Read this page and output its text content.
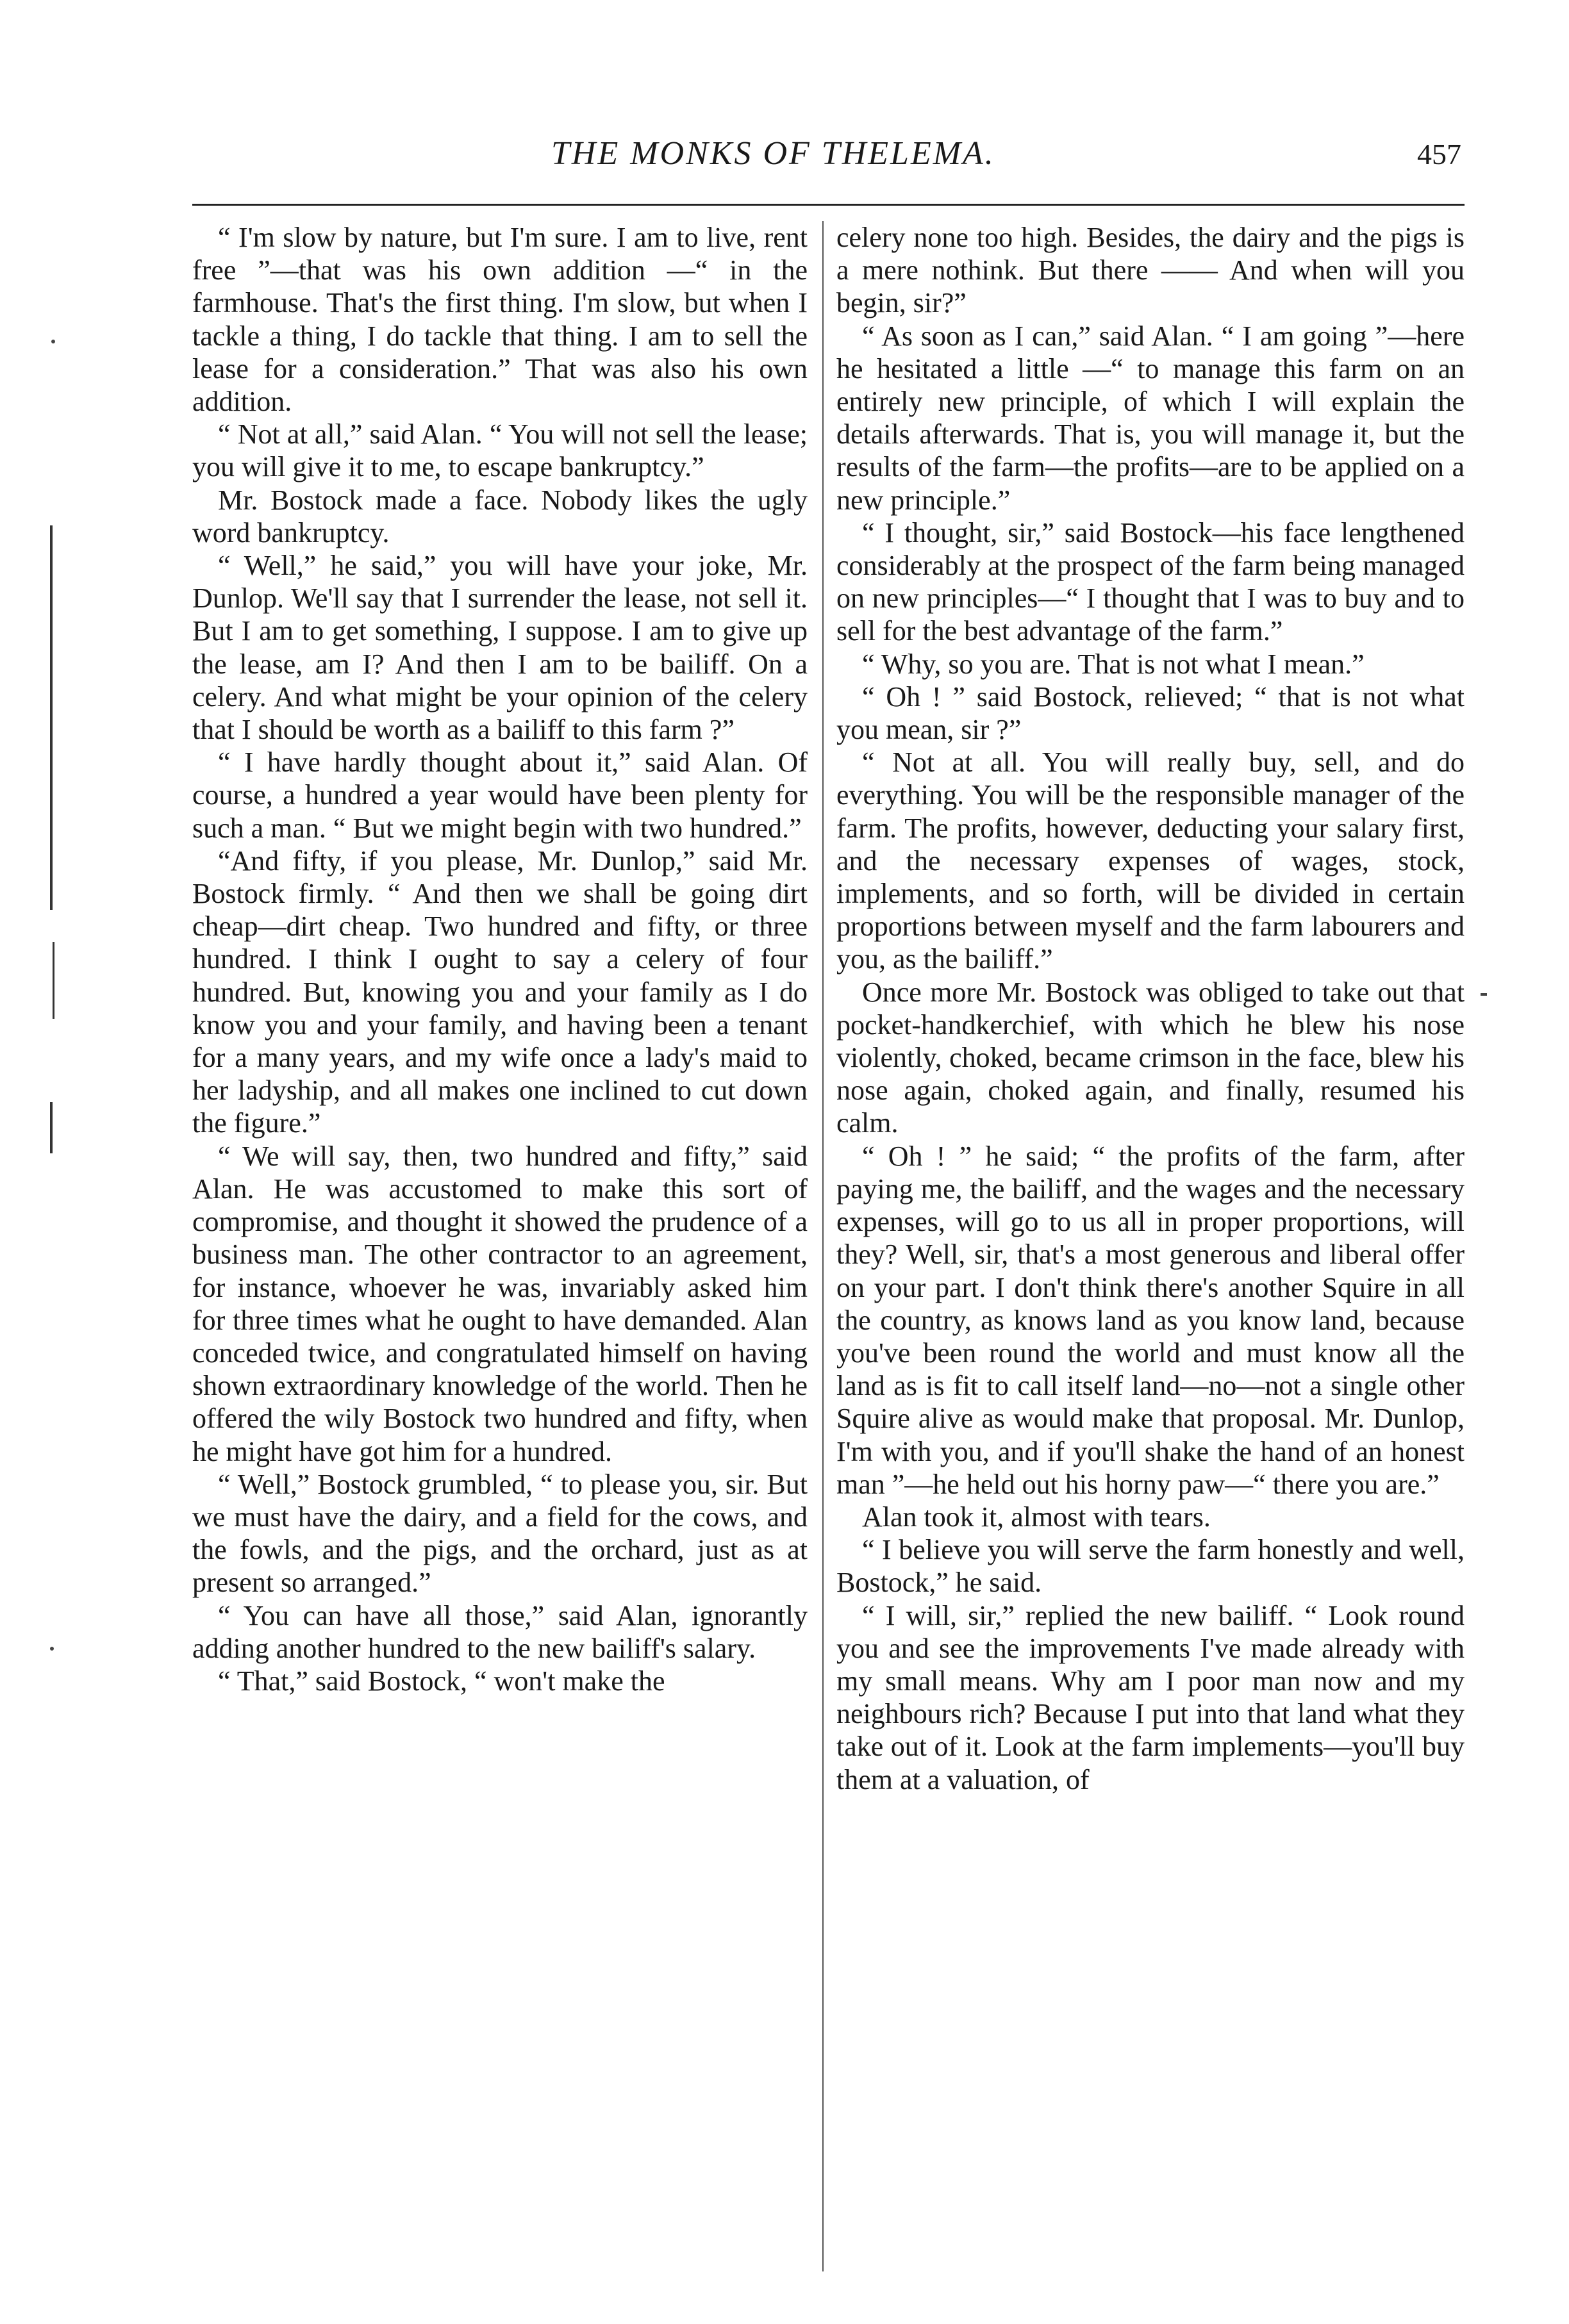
THE MONKS OF THELEMA.	457

“ I'm slow by nature, but I'm sure. I am to live, rent free ”—that was his own addition —“ in the farmhouse. That's the first thing. I'm slow, but when I tackle a thing, I do tackle that thing. I am to sell the lease for a consideration.” That was also his own addition.

“ Not at all,” said Alan. “ You will not sell the lease; you will give it to me, to escape bankruptcy.”

Mr. Bostock made a face. Nobody likes the ugly word bankruptcy.

“ Well,” he said,” you will have your joke, Mr. Dunlop. We'll say that I surrender the lease, not sell it. But I am to get something, I suppose. I am to give up the lease, am I? And then I am to be bailiff. On a celery. And what might be your opinion of the celery that I should be worth as a bailiff to this farm ?”

“ I have hardly thought about it,” said Alan. Of course, a hundred a year would have been plenty for such a man. “ But we might begin with two hundred.”

“And fifty, if you please, Mr. Dunlop,” said Mr. Bostock firmly. “ And then we shall be going dirt cheap—dirt cheap. Two hundred and fifty, or three hundred. I think I ought to say a celery of four hundred. But, knowing you and your family as I do know you and your family, and having been a tenant for a many years, and my wife once a lady's maid to her ladyship, and all makes one inclined to cut down the figure.”

“ We will say, then, two hundred and fifty,” said Alan. He was accustomed to make this sort of compromise, and thought it showed the prudence of a business man. The other contractor to an agreement, for instance, whoever he was, invariably asked him for three times what he ought to have demanded. Alan conceded twice, and congratulated himself on having shown extraordinary knowledge of the world. Then he offered the wily Bostock two hundred and fifty, when he might have got him for a hundred.

“ Well,” Bostock grumbled, “ to please you, sir. But we must have the dairy, and a field for the cows, and the fowls, and the pigs, and the orchard, just as at present so arranged.”

“ You can have all those,” said Alan, ignorantly adding another hundred to the new bailiff's salary.

“ That,” said Bostock, “ won't make the

celery none too high. Besides, the dairy and the pigs is a mere nothink. But there —— And when will you begin, sir?”

“ As soon as I can,” said Alan. “ I am going ”—here he hesitated a little —“ to manage this farm on an entirely new principle, of which I will explain the details afterwards. That is, you will manage it, but the results of the farm—the profits—are to be applied on a new principle.”

“ I thought, sir,” said Bostock—his face lengthened considerably at the prospect of the farm being managed on new principles—“ I thought that I was to buy and to sell for the best advantage of the farm.”

“ Why, so you are. That is not what I mean.”

“ Oh ! ” said Bostock, relieved; “ that is not what you mean, sir ?”

“ Not at all. You will really buy, sell, and do everything. You will be the responsible manager of the farm. The profits, however, deducting your salary first, and the necessary expenses of wages, stock, implements, and so forth, will be divided in certain proportions between myself and the farm labourers and you, as the bailiff.”

Once more Mr. Bostock was obliged to take out that pocket-handkerchief, with which he blew his nose violently, choked, became crimson in the face, blew his nose again, choked again, and finally, resumed his calm.

“ Oh ! ” he said; “ the profits of the farm, after paying me, the bailiff, and the wages and the necessary expenses, will go to us all in proper proportions, will they? Well, sir, that's a most generous and liberal offer on your part. I don't think there's another Squire in all the country, as knows land as you know land, because you've been round the world and must know all the land as is fit to call itself land—no—not a single other Squire alive as would make that proposal. Mr. Dunlop, I'm with you, and if you'll shake the hand of an honest man ”—he held out his horny paw—“ there you are.”

Alan took it, almost with tears.

“ I believe you will serve the farm honestly and well, Bostock,” he said.

“ I will, sir,” replied the new bailiff. “ Look round you and see the improvements I've made already with my small means. Why am I poor man now and my neighbours rich? Because I put into that land what they take out of it. Look at the farm implements—you'll buy them at a valuation, of
